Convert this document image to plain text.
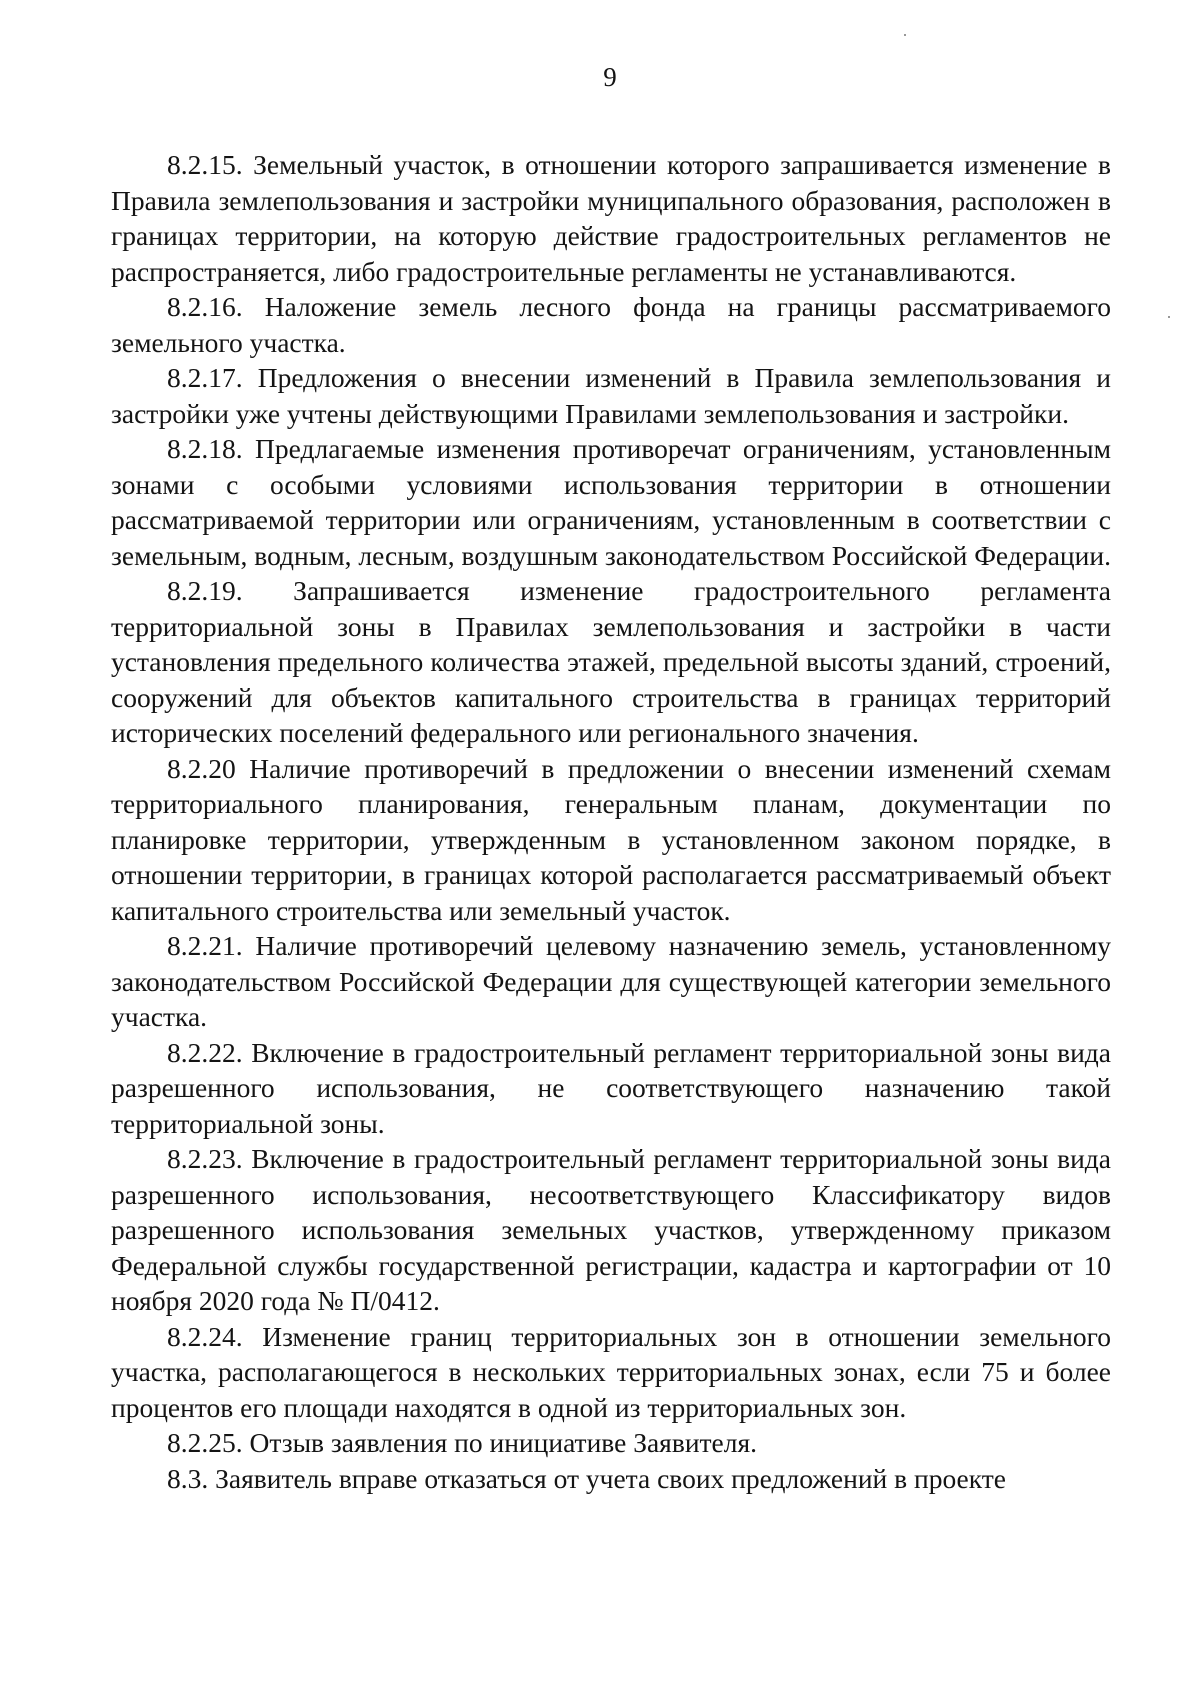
9

8.2.15. Земельный участок, в отношении которого запрашивается изменение в Правила землепользования и застройки муниципального образования, расположен в границах территории, на которую действие градостроительных регламентов не распространяется, либо градостроительные регламенты не устанавливаются.

8.2.16. Наложение земель лесного фонда на границы рассматриваемого земельного участка.

8.2.17. Предложения о внесении изменений в Правила землепользования и застройки уже учтены действующими Правилами землепользования и застройки.

8.2.18. Предлагаемые изменения противоречат ограничениям, установленным зонами с особыми условиями использования территории в отношении рассматриваемой территории или ограничениям, установленным в соответствии с земельным, водным, лесным, воздушным законодательством Российской Федерации.

8.2.19. Запрашивается изменение градостроительного регламента территориальной зоны в Правилах землепользования и застройки в части установления предельного количества этажей, предельной высоты зданий, строений, сооружений для объектов капитального строительства в границах территорий исторических поселений федерального или регионального значения.

8.2.20 Наличие противоречий в предложении о внесении изменений схемам территориального планирования, генеральным планам, документации по планировке территории, утвержденным в установленном законом порядке, в отношении территории, в границах которой располагается рассматриваемый объект капитального строительства или земельный участок.

8.2.21. Наличие противоречий целевому назначению земель, установленному законодательством Российской Федерации для существующей категории земельного участка.

8.2.22. Включение в градостроительный регламент территориальной зоны вида разрешенного использования, не соответствующего назначению такой территориальной зоны.

8.2.23. Включение в градостроительный регламент территориальной зоны вида разрешенного использования, несоответствующего Классификатору видов разрешенного использования земельных участков, утвержденному приказом Федеральной службы государственной регистрации, кадастра и картографии от 10 ноября 2020 года № П/0412.

8.2.24. Изменение границ территориальных зон в отношении земельного участка, располагающегося в нескольких территориальных зонах, если 75 и более процентов его площади находятся в одной из территориальных зон.

8.2.25. Отзыв заявления по инициативе Заявителя.

8.3. Заявитель вправе отказаться от учета своих предложений в проекте
